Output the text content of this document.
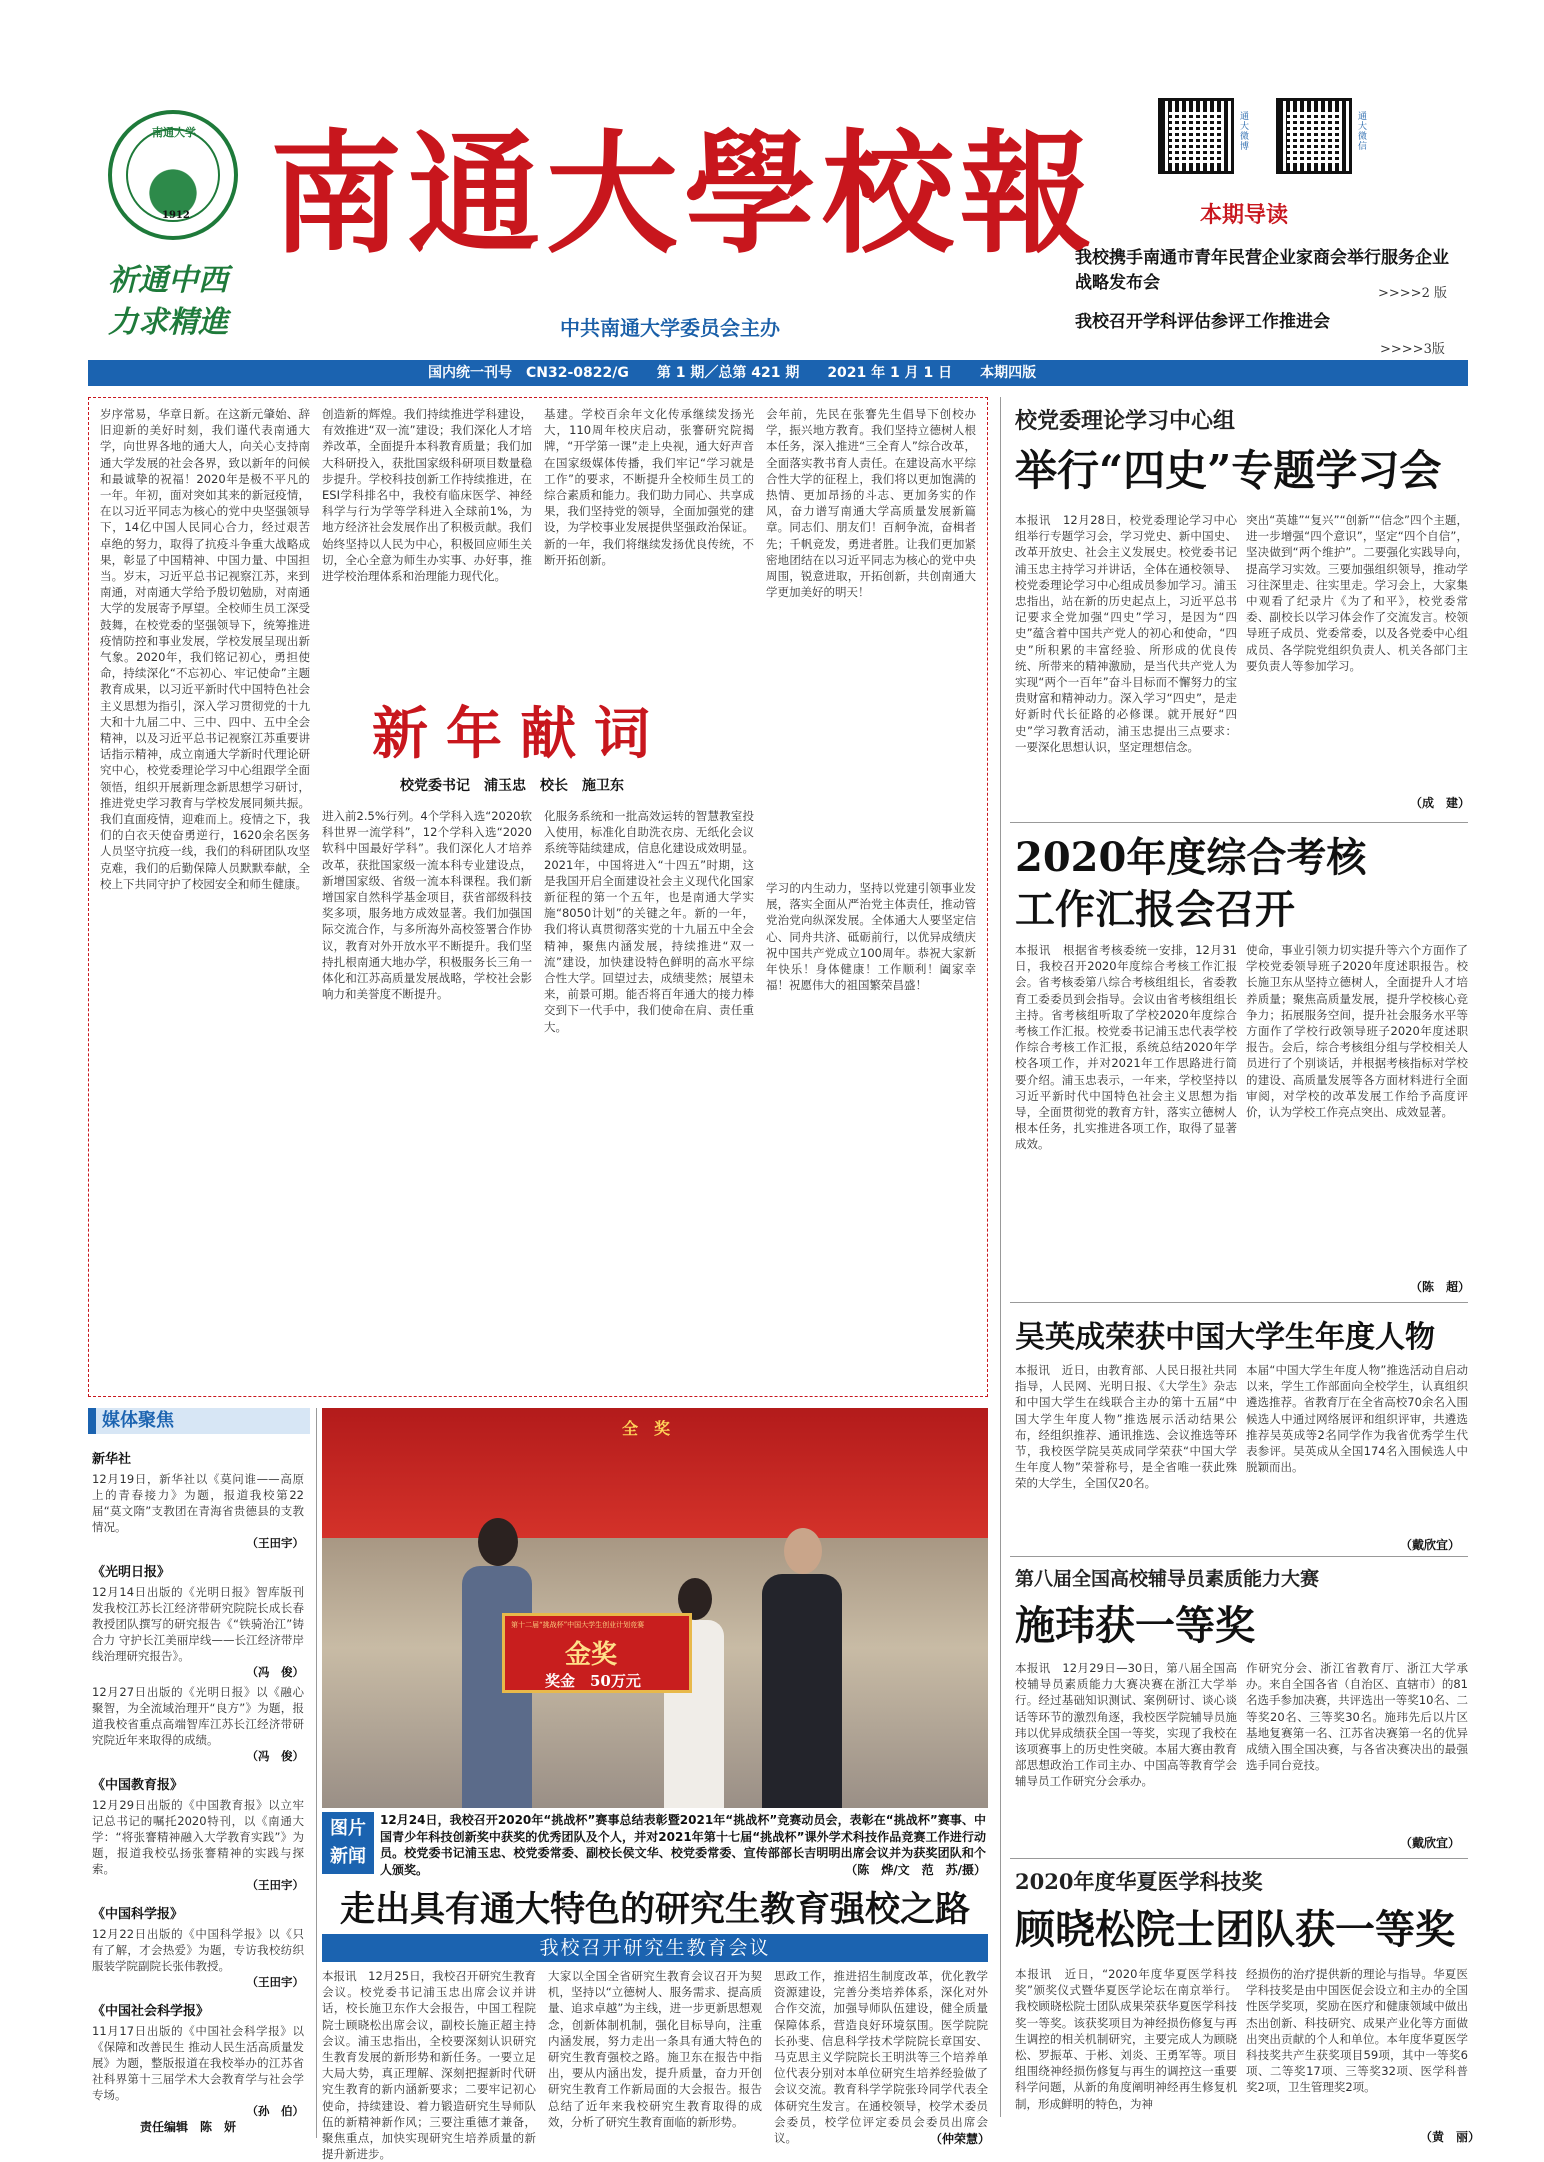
南通大学
1912
祈通中西
力求精進
南通大學校報
中共南通大学委员会主办
通大微博
通大微信
本期导读
我校携手南通市青年民营企业家商会举行服务企业战略发布会
>>>>2 版
我校召开学科评估参评工作推进会
>>>>3版
国内统一刊号　CN32-0822/G　　第 1 期／总第 421 期　　2021 年 1 月 1 日　　本期四版
岁序常易，华章日新。在这新元肇始、辞旧迎新的美好时刻，我们谨代表南通大学，向世界各地的通大人，向关心支持南通大学发展的社会各界，致以新年的问候和最诚挚的祝福！2020年是极不平凡的一年。年初，面对突如其来的新冠疫情，在以习近平同志为核心的党中央坚强领导下，14亿中国人民同心合力，经过艰苦卓绝的努力，取得了抗疫斗争重大战略成果，彰显了中国精神、中国力量、中国担当。岁末，习近平总书记视察江苏，来到南通，对南通大学给予殷切勉励，对南通大学的发展寄予厚望。全校师生员工深受鼓舞，在校党委的坚强领导下，统筹推进疫情防控和事业发展，学校发展呈现出新气象。2020年，我们铭记初心，勇担使命，持续深化“不忘初心、牢记使命”主题教育成果，以习近平新时代中国特色社会主义思想为指引，深入学习贯彻党的十九大和十九届二中、三中、四中、五中全会精神，以及习近平总书记视察江苏重要讲话指示精神，成立南通大学新时代理论研究中心，校党委理论学习中心组跟学全面领悟，组织开展新理念新思想学习研讨，推进党史学习教育与学校发展同频共振。我们直面疫情，迎难而上。疫情之下，我们的白衣天使奋勇逆行，1620余名医务人员坚守抗疫一线，我们的科研团队攻坚克难，我们的后勤保障人员默默奉献，全校上下共同守护了校园安全和师生健康。
创造新的辉煌。我们持续推进学科建设，有效推进“双一流”建设；我们深化人才培养改革，全面提升本科教育质量；我们加大科研投入，获批国家级科研项目数量稳步提升。学校科技创新工作持续推进，在ESI学科排名中，我校有临床医学、神经科学与行为学等学科进入全球前1%，为地方经济社会发展作出了积极贡献。我们始终坚持以人民为中心，积极回应师生关切，全心全意为师生办实事、办好事，推进学校治理体系和治理能力现代化。
基建。学校百余年文化传承继续发扬光大，110周年校庆启动，张謇研究院揭牌，“开学第一课”走上央视，通大好声音在国家级媒体传播，我们牢记“学习就是工作”的要求，不断提升全校师生员工的综合素质和能力。我们助力同心、共享成果，我们坚持党的领导，全面加强党的建设，为学校事业发展提供坚强政治保证。新的一年，我们将继续发扬优良传统，不断开拓创新。
会年前，先民在张謇先生倡导下创校办学，振兴地方教育。我们坚持立德树人根本任务，深入推进“三全育人”综合改革，全面落实教书育人责任。在建设高水平综合性大学的征程上，我们将以更加饱满的热情、更加昂扬的斗志、更加务实的作风，奋力谱写南通大学高质量发展新篇章。同志们、朋友们！百舸争流，奋楫者先；千帆竞发，勇进者胜。让我们更加紧密地团结在以习近平同志为核心的党中央周围，锐意进取，开拓创新，共创南通大学更加美好的明天！
新年献词
校党委书记　浦玉忠　校长　施卫东
进入前2.5%行列。4个学科入选“2020软科世界一流学科”，12个学科入选“2020软科中国最好学科”。我们深化人才培养改革，获批国家级一流本科专业建设点，新增国家级、省级一流本科课程。我们新增国家自然科学基金项目，获省部级科技奖多项，服务地方成效显著。我们加强国际交流合作，与多所海外高校签署合作协议，教育对外开放水平不断提升。我们坚持扎根南通大地办学，积极服务长三角一体化和江苏高质量发展战略，学校社会影响力和美誉度不断提升。
化服务系统和一批高效运转的智慧教室投入使用，标准化自助洗衣房、无纸化会议系统等陆续建成，信息化建设成效明显。2021年，中国将进入“十四五”时期，这是我国开启全面建设社会主义现代化国家新征程的第一个五年，也是南通大学实施“8050计划”的关键之年。新的一年，我们将认真贯彻落实党的十九届五中全会精神，聚焦内涵发展，持续推进“双一流”建设，加快建设特色鲜明的高水平综合性大学。回望过去，成绩斐然；展望未来，前景可期。能否将百年通大的接力棒交到下一代手中，我们使命在肩、责任重大。
学习的内生动力，坚持以党建引领事业发展，落实全面从严治党主体责任，推动管党治党向纵深发展。全体通大人要坚定信心、同舟共济、砥砺前行，以优异成绩庆祝中国共产党成立100周年。恭祝大家新年快乐！身体健康！工作顺利！阖家幸福！祝愿伟大的祖国繁荣昌盛！
校党委理论学习中心组
举行“四史”专题学习会
本报讯　12月28日，校党委理论学习中心组举行专题学习会，学习党史、新中国史、改革开放史、社会主义发展史。校党委书记浦玉忠主持学习并讲话，全体在通校领导、校党委理论学习中心组成员参加学习。浦玉忠指出，站在新的历史起点上，习近平总书记要求全党加强“四史”学习，是因为“四史”蕴含着中国共产党人的初心和使命，“四史”所积累的丰富经验、所形成的优良传统、所带来的精神激励，是当代共产党人为实现“两个一百年”奋斗目标而不懈努力的宝贵财富和精神动力。深入学习“四史”，是走好新时代长征路的必修课。就开展好“四史”学习教育活动，浦玉忠提出三点要求：一要深化思想认识，坚定理想信念。
突出“英雄”“复兴”“创新”“信念”四个主题，进一步增强“四个意识”，坚定“四个自信”，坚决做到“两个维护”。二要强化实践导向，提高学习实效。三要加强组织领导，推动学习往深里走、往实里走。学习会上，大家集中观看了纪录片《为了和平》，校党委常委、副校长以学习体会作了交流发言。校领导班子成员、党委常委，以及各党委中心组成员、各学院党组织负责人、机关各部门主要负责人等参加学习。
（成　建）
2020年度综合考核工作汇报会召开
本报讯　根据省考核委统一安排，12月31日，我校召开2020年度综合考核工作汇报会。省考核委第八综合考核组组长，省委教育工委委员到会指导。会议由省考核组组长主持。省考核组听取了学校2020年度综合考核工作汇报。校党委书记浦玉忠代表学校作综合考核工作汇报，系统总结2020年学校各项工作，并对2021年工作思路进行简要介绍。浦玉忠表示，一年来，学校坚持以习近平新时代中国特色社会主义思想为指导，全面贯彻党的教育方针，落实立德树人根本任务，扎实推进各项工作，取得了显著成效。
使命，事业引领力切实提升等六个方面作了学校党委领导班子2020年度述职报告。校长施卫东从坚持立德树人，全面提升人才培养质量；聚焦高质量发展，提升学校核心竞争力；拓展服务空间，提升社会服务水平等方面作了学校行政领导班子2020年度述职报告。会后，综合考核组分组与学校相关人员进行了个别谈话，并根据考核指标对学校的建设、高质量发展等各方面材料进行全面审阅，对学校的改革发展工作给予高度评价，认为学校工作亮点突出、成效显著。
（陈　超）
吴英成荣获中国大学生年度人物
本报讯　近日，由教育部、人民日报社共同指导，人民网、光明日报、《大学生》杂志和中国大学生在线联合主办的第十五届“中国大学生年度人物”推选展示活动结果公布，经组织推荐、通讯推选、会议推选等环节，我校医学院吴英成同学荣获“中国大学生年度人物”荣誉称号，是全省唯一获此殊荣的大学生，全国仅20名。
本届“中国大学生年度人物”推选活动自启动以来，学生工作部面向全校学生，认真组织遴选推荐。省教育厅在全省高校70余名入围候选人中通过网络展评和组织评审，共遴选推荐吴英成等2名同学作为我省优秀学生代表参评。吴英成从全国174名入围候选人中脱颖而出。
（戴欣宜）
第八届全国高校辅导员素质能力大赛
施玮获一等奖
本报讯　12月29日—30日，第八届全国高校辅导员素质能力大赛决赛在浙江大学举行。经过基础知识测试、案例研讨、谈心谈话等环节的激烈角逐，我校医学院辅导员施玮以优异成绩获全国一等奖，实现了我校在该项赛事上的历史性突破。本届大赛由教育部思想政治工作司主办、中国高等教育学会辅导员工作研究分会承办。
作研究分会、浙江省教育厅、浙江大学承办。来自全国各省（自治区、直辖市）的81名选手参加决赛，共评选出一等奖10名、二等奖20名、三等奖30名。施玮先后以片区基地复赛第一名、江苏省决赛第一名的优异成绩入围全国决赛，与各省决赛决出的最强选手同台竞技。
（戴欣宜）
2020年度华夏医学科技奖
顾晓松院士团队获一等奖
本报讯　近日，“2020年度华夏医学科技奖”颁奖仪式暨华夏医学论坛在南京举行。我校顾晓松院士团队成果荣获华夏医学科技奖一等奖。该获奖项目为神经损伤修复与再生调控的相关机制研究，主要完成人为顾晓松、罗振革、于彬、刘炎、王勇军等。项目组围绕神经损伤修复与再生的调控这一重要科学问题，从新的角度阐明神经再生修复机制，形成鲜明的特色，为神
经损伤的治疗提供新的理论与指导。华夏医学科技奖是由中国医促会设立和主办的全国性医学奖项，奖励在医疗和健康领域中做出杰出创新、科技研究、成果产业化等方面做出突出贡献的个人和单位。本年度华夏医学科技奖共产生获奖项目59项，其中一等奖6项、二等奖17项、三等奖32项、医学科普奖2项，卫生管理奖2项。
（黄　丽）
媒体聚焦
新华社
12月19日，新华社以《莫问谁——高原上的青春接力》为题，报道我校第22届“莫文隋”支教团在青海省贵德县的支教情况。
（王田宇）
《光明日报》
12月14日出版的《光明日报》智库版刊发我校江苏长江经济带研究院院长成长春教授团队撰写的研究报告《“铁骑治江”铸合力 守护长江美丽岸线——长江经济带岸线治理研究报告》。
（冯　俊）
12月27日出版的《光明日报》以《融心聚智，为全流域治理开“良方”》为题，报道我校省重点高端智库江苏长江经济带研究院近年来取得的成绩。
（冯　俊）
《中国教育报》
12月29日出版的《中国教育报》以立牢记总书记的嘱托2020特刊，以《南通大学：“将张謇精神融入大学教育实践”》为题，报道我校弘扬张謇精神的实践与探索。
（王田宇）
《中国科学报》
12月22日出版的《中国科学报》以《只有了解，才会热爱》为题，专访我校纺织服装学院副院长张伟教授。
（王田宇）
《中国社会科学报》
11月17日出版的《中国社会科学报》以《保障和改善民生 推动人民生活高质量发展》为题，整版报道在我校举办的江苏省社科界第十三届学术大会教育学与社会学专场。
（孙　伯）
责任编辑　陈　妍
全　奖
第十二届“挑战杯”中国大学生创业计划竞赛
金奖
奖金　50万元
图片新闻
12月24日，我校召开2020年“挑战杯”赛事总结表彰暨2021年“挑战杯”竞赛动员会，表彰在“挑战杯”赛事、中国青少年科技创新奖中获奖的优秀团队及个人，并对2021年第十七届“挑战杯”课外学术科技作品竞赛工作进行动员。校党委书记浦玉忠、校党委常委、副校长侯文华、校党委常委、宣传部部长吉明明出席会议并为获奖团队和个人颁奖。	（陈　烨/文　范　苏/摄）
走出具有通大特色的研究生教育强校之路
我校召开研究生教育会议
本报讯　12月25日，我校召开研究生教育会议。校党委书记浦玉忠出席会议并讲话，校长施卫东作大会报告，中国工程院院士顾晓松出席会议，副校长施正超主持会议。浦玉忠指出，全校要深刻认识研究生教育发展的新形势和新任务。一要立足大局大势，真正理解、深刻把握新时代研究生教育的新内涵新要求；二要牢记初心使命，持续建设、着力锻造研究生导师队伍的新精神新作风；三要注重德才兼备，聚焦重点，加快实现研究生培养质量的新提升新进步。
大家以全国全省研究生教育会议召开为契机，坚持以“立德树人、服务需求、提高质量、追求卓越”为主线，进一步更新思想观念，创新体制机制，强化目标导向，注重内涵发展，努力走出一条具有通大特色的研究生教育强校之路。施卫东在报告中指出，要从内涵出发，提升质量，奋力开创研究生教育工作新局面的大会报告。报告总结了近年来我校研究生教育取得的成效，分析了研究生教育面临的新形势。
思政工作，推进招生制度改革，优化教学资源建设，完善分类培养体系，深化对外合作交流，加强导师队伍建设，健全质量保障体系，营造良好环境氛围。医学院院长孙斐、信息科学技术学院院长章国安、马克思主义学院院长王明洪等三个培养单位代表分别对本单位研究生培养经验做了会议交流。教育科学学院张玲同学代表全体研究生发言。在通校领导，校学术委员会委员，校学位评定委员会委员出席会议。	（仲荣慧）
